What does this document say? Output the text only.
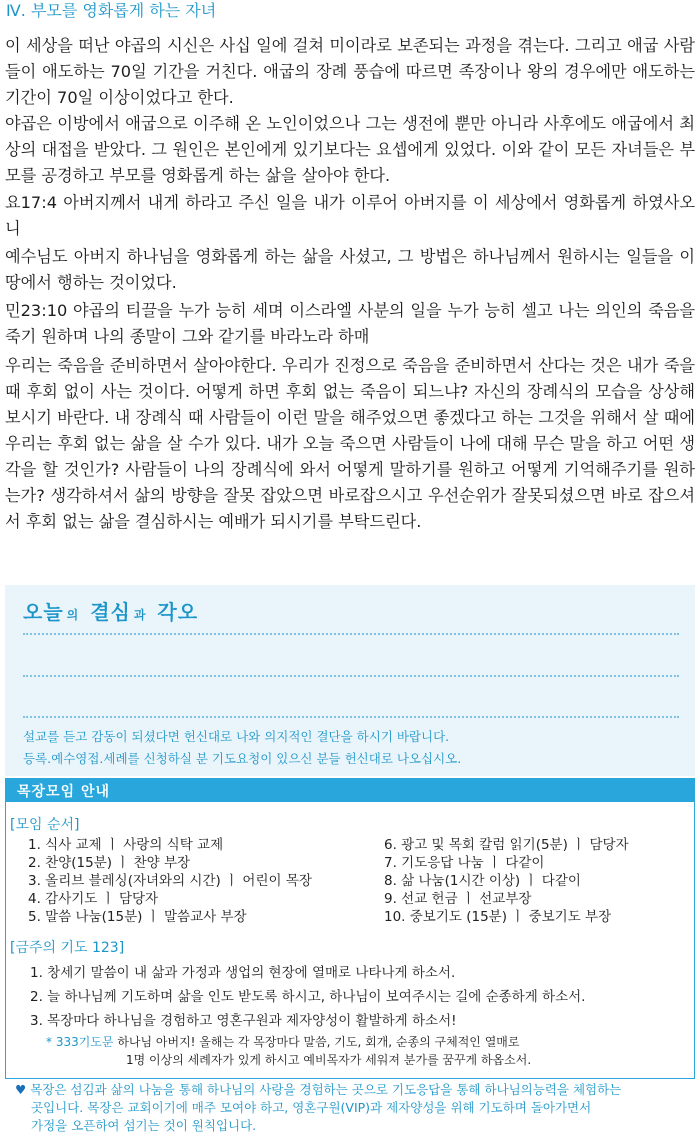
Ⅳ. 부모를 영화롭게 하는 자녀

이 세상을 떠난 야곱의 시신은 사십 일에 걸쳐 미이라로 보존되는 과정을 겪는다. 그리고 애굽 사람들이 애도하는 70일 기간을 거친다. 애굽의 장례 풍습에 따르면 족장이나 왕의 경우에만 애도하는 기간이 70일 이상이었다고 한다.

야곱은 이방에서 애굽으로 이주해 온 노인이었으나 그는 생전에 뿐만 아니라 사후에도 애굽에서 최상의 대접을 받았다. 그 원인은 본인에게 있기보다는 요셉에게 있었다. 이와 같이 모든 자녀들은 부모를 공경하고 부모를 영화롭게 하는 삶을 살아야 한다.

요17:4 아버지께서 내게 하라고 주신 일을 내가 이루어 아버지를 이 세상에서 영화롭게 하였사오니

예수님도 아버지 하나님을 영화롭게 하는 삶을 사셨고, 그 방법은 하나님께서 원하시는 일들을 이 땅에서 행하는 것이었다.

민23:10 야곱의 티끌을 누가 능히 세며 이스라엘 사분의 일을 누가 능히 셀고 나는 의인의 죽음을 죽기 원하며 나의 종말이 그와 같기를 바라노라 하매

우리는 죽음을 준비하면서 살아야한다. 우리가 진정으로 죽음을 준비하면서 산다는 것은 내가 죽을 때 후회 없이 사는 것이다. 어떻게 하면 후회 없는 죽음이 되느냐? 자신의 장례식의 모습을 상상해보시기 바란다. 내 장례식 때 사람들이 이런 말을 해주었으면 좋겠다고 하는 그것을 위해서 살 때에 우리는 후회 없는 삶을 살 수가 있다. 내가 오늘 죽으면 사람들이 나에 대해 무슨 말을 하고 어떤 생각을 할 것인가? 사람들이 나의 장례식에 와서 어떻게 말하기를 원하고 어떻게 기억해주기를 원하는가? 생각하셔서 삶의 방향을 잘못 잡았으면 바로잡으시고 우선순위가 잘못되셨으면 바로 잡으셔서 후회 없는 삶을 결심하시는 예배가 되시기를 부탁드린다.

오늘 의 결심 과 각오
설교를 듣고 감동이 되셨다면 헌신대로 나와 의지적인 결단을 하시기 바랍니다.
등록.예수영접.세례를 신청하실 분 기도요청이 있으신 분들 헌신대로 나오십시오.
목장모임 안내
[모임 순서]
1. 식사 교제 ㅣ 사랑의 식탁 교제
2. 찬양(15분) ㅣ 찬양 부장
3. 올리브 블레싱(자녀와의 시간) ㅣ 어린이 목장
4. 감사기도 ㅣ 담당자
5. 말씀 나눔(15분) ㅣ 말씀교사 부장
6. 광고 및 목회 칼럼 읽기(5분) ㅣ 담당자
7. 기도응답 나눔 ㅣ 다같이
8. 삶 나눔(1시간 이상) ㅣ 다같이
9. 선교 헌금 ㅣ 선교부장
10. 중보기도 (15분) ㅣ 중보기도 부장
[금주의 기도 123]
1. 창세기 말씀이 내 삶과 가정과 생업의 현장에 열매로 나타나게 하소서.
2. 늘 하나님께 기도하며 삶을 인도 받도록 하시고, 하나님이 보여주시는 길에 순종하게 하소서.
3. 목장마다 하나님을 경험하고 영혼구원과 제자양성이 활발하게 하소서!
* 333기도문 하나님 아버지! 올해는 각 목장마다 말씀, 기도, 회개, 순종의 구체적인 열매로
1명 이상의 세례자가 있게 하시고 예비목자가 세워져 분가를 꿈꾸게 하옵소서.
♥ 목장은 섬김과 삶의 나눔을 통해 하나님의 사랑을 경험하는 곳으로 기도응답을 통해 하나님의능력을 체험하는
곳입니다. 목장은 교회이기에 매주 모여야 하고, 영혼구원(VIP)과 제자양성을 위해 기도하며 돌아가면서
가정을 오픈하여 섬기는 것이 원칙입니다.
